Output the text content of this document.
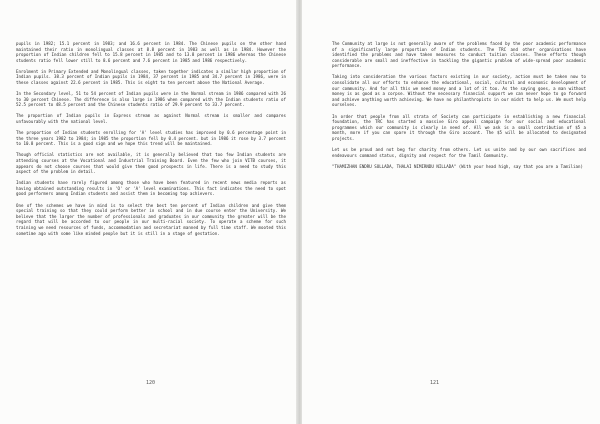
pupils in 1982; 15.1 percent in 1983; and 16.6 percent in 1984. The Chinese pupils on the other hand maintained their ratio in monolingual classes at 8.8 percent in 1983 as well as in 1984. However the proportion of Indian children fell to 15.8 percent in 1985 and to 13.8 percent in 1986 whereas the Chinese students ratio fell lower still to 8.6 percent and 7.6 percent in 1985 and 1986 respectively.

Enrolment in Primary Extended and Monolingual classes, taken together indicates a similar high proportion of Indian pupils. 38.3 percent of Indian pupils in 1984, 37 percent in 1985 and 34.7 percent in 1986, were in these classes against 22.6 percent in 1985. This is eight to ten percent above the National Average.

In the Secondary level, 51 to 54 percent of Indian pupils were in the Normal stream in 1986 compared with 26 to 30 percent Chinese. The difference is also large in 1986 when compared with the Indian students ratio of 52.5 percent to 48.5 percent and the Chinese students ratio of 29.9 percent to 33.7 percent.

The proportion of Indian pupils in Express stream as against Normal stream is smaller and compares unfavourably with the national level.

The proportion of Indian students enrolling for 'A' level studies has improved by 0.6 percentage point in the three years 1982 to 1984; in 1985 the proportion fell by 0.4 percent. but in 1986 it rose by 3.7 percent to 10.8 percent. This is a good sign and we hope this trend will be maintained.

Though official statistics are not available, it is generally believed that too few Indian students are attending courses at the Vocational and Industrial Training Board. Even the few who join VITB courses, it appears do not choose courses that would give them good prospects in life. There is a need to study this aspect of the problem in detail.

Indian students have rarely figured among those who have been featured in recent news media reports as having obtained outstanding results in 'O' or 'A' level examinations. This fact indicates the need to spot good performers among Indian students and assist them in becoming top achievers.

One of the schemes we have in mind is to select the best ten percent of Indian children and give them special training so that they could perform better in school and in due course enter the University. We believe that the larger the number of professionals and graduates in our community the greater will be the regard that will be accorded to our people in our multi-racial society. To operate a scheme for such training we need resources of funds, accommodation and secretariat manned by full time staff. We mooted this sometime ago with some like minded people but it is still in a stage of gestation.

120

The Community at large is not generally aware of the problems faced by the poor academic performance of a significantly large proportion of Indian students. The TRC and other organisations have identified the problems and have taken measures to conduct tuition classes. These efforts though considerable are small and ineffective in tackling the gigantic problem of wide-spread poor academic performance.

Taking into consideration the various factors existing in our society, action must be taken now to consolidate all our efforts to enhance the educational, social, cultural and economic development of our community. And for all this we need money and a lot of it too. As the saying goes, a man without money is as good as a corpse. Without the necessary financial support we can never hope to go forward and achieve anything worth achieving. We have no philanthropists in our midst to help us. We must help ourselves.

In order that people from all strata of Society can participate in establishing a new financial foundation, the TRC has started a massive Giro appeal campaign for our social and educational programmes which our community is clearly in need of. All we ask is a small contribution of $5 a month, more if you can spare it through the Giro account. The $5 will be allocated to designated projects.

Let us be proud and not beg for charity from others. Let us unite and by our own sacrifices and endeavours command status, dignity and respect for the Tamil Community.

"THAMIZHAN ENDRU SOLLADA, THALAI NIMIRNDU NILLADA" (With your head high, say that you are a Tamilian)

121
